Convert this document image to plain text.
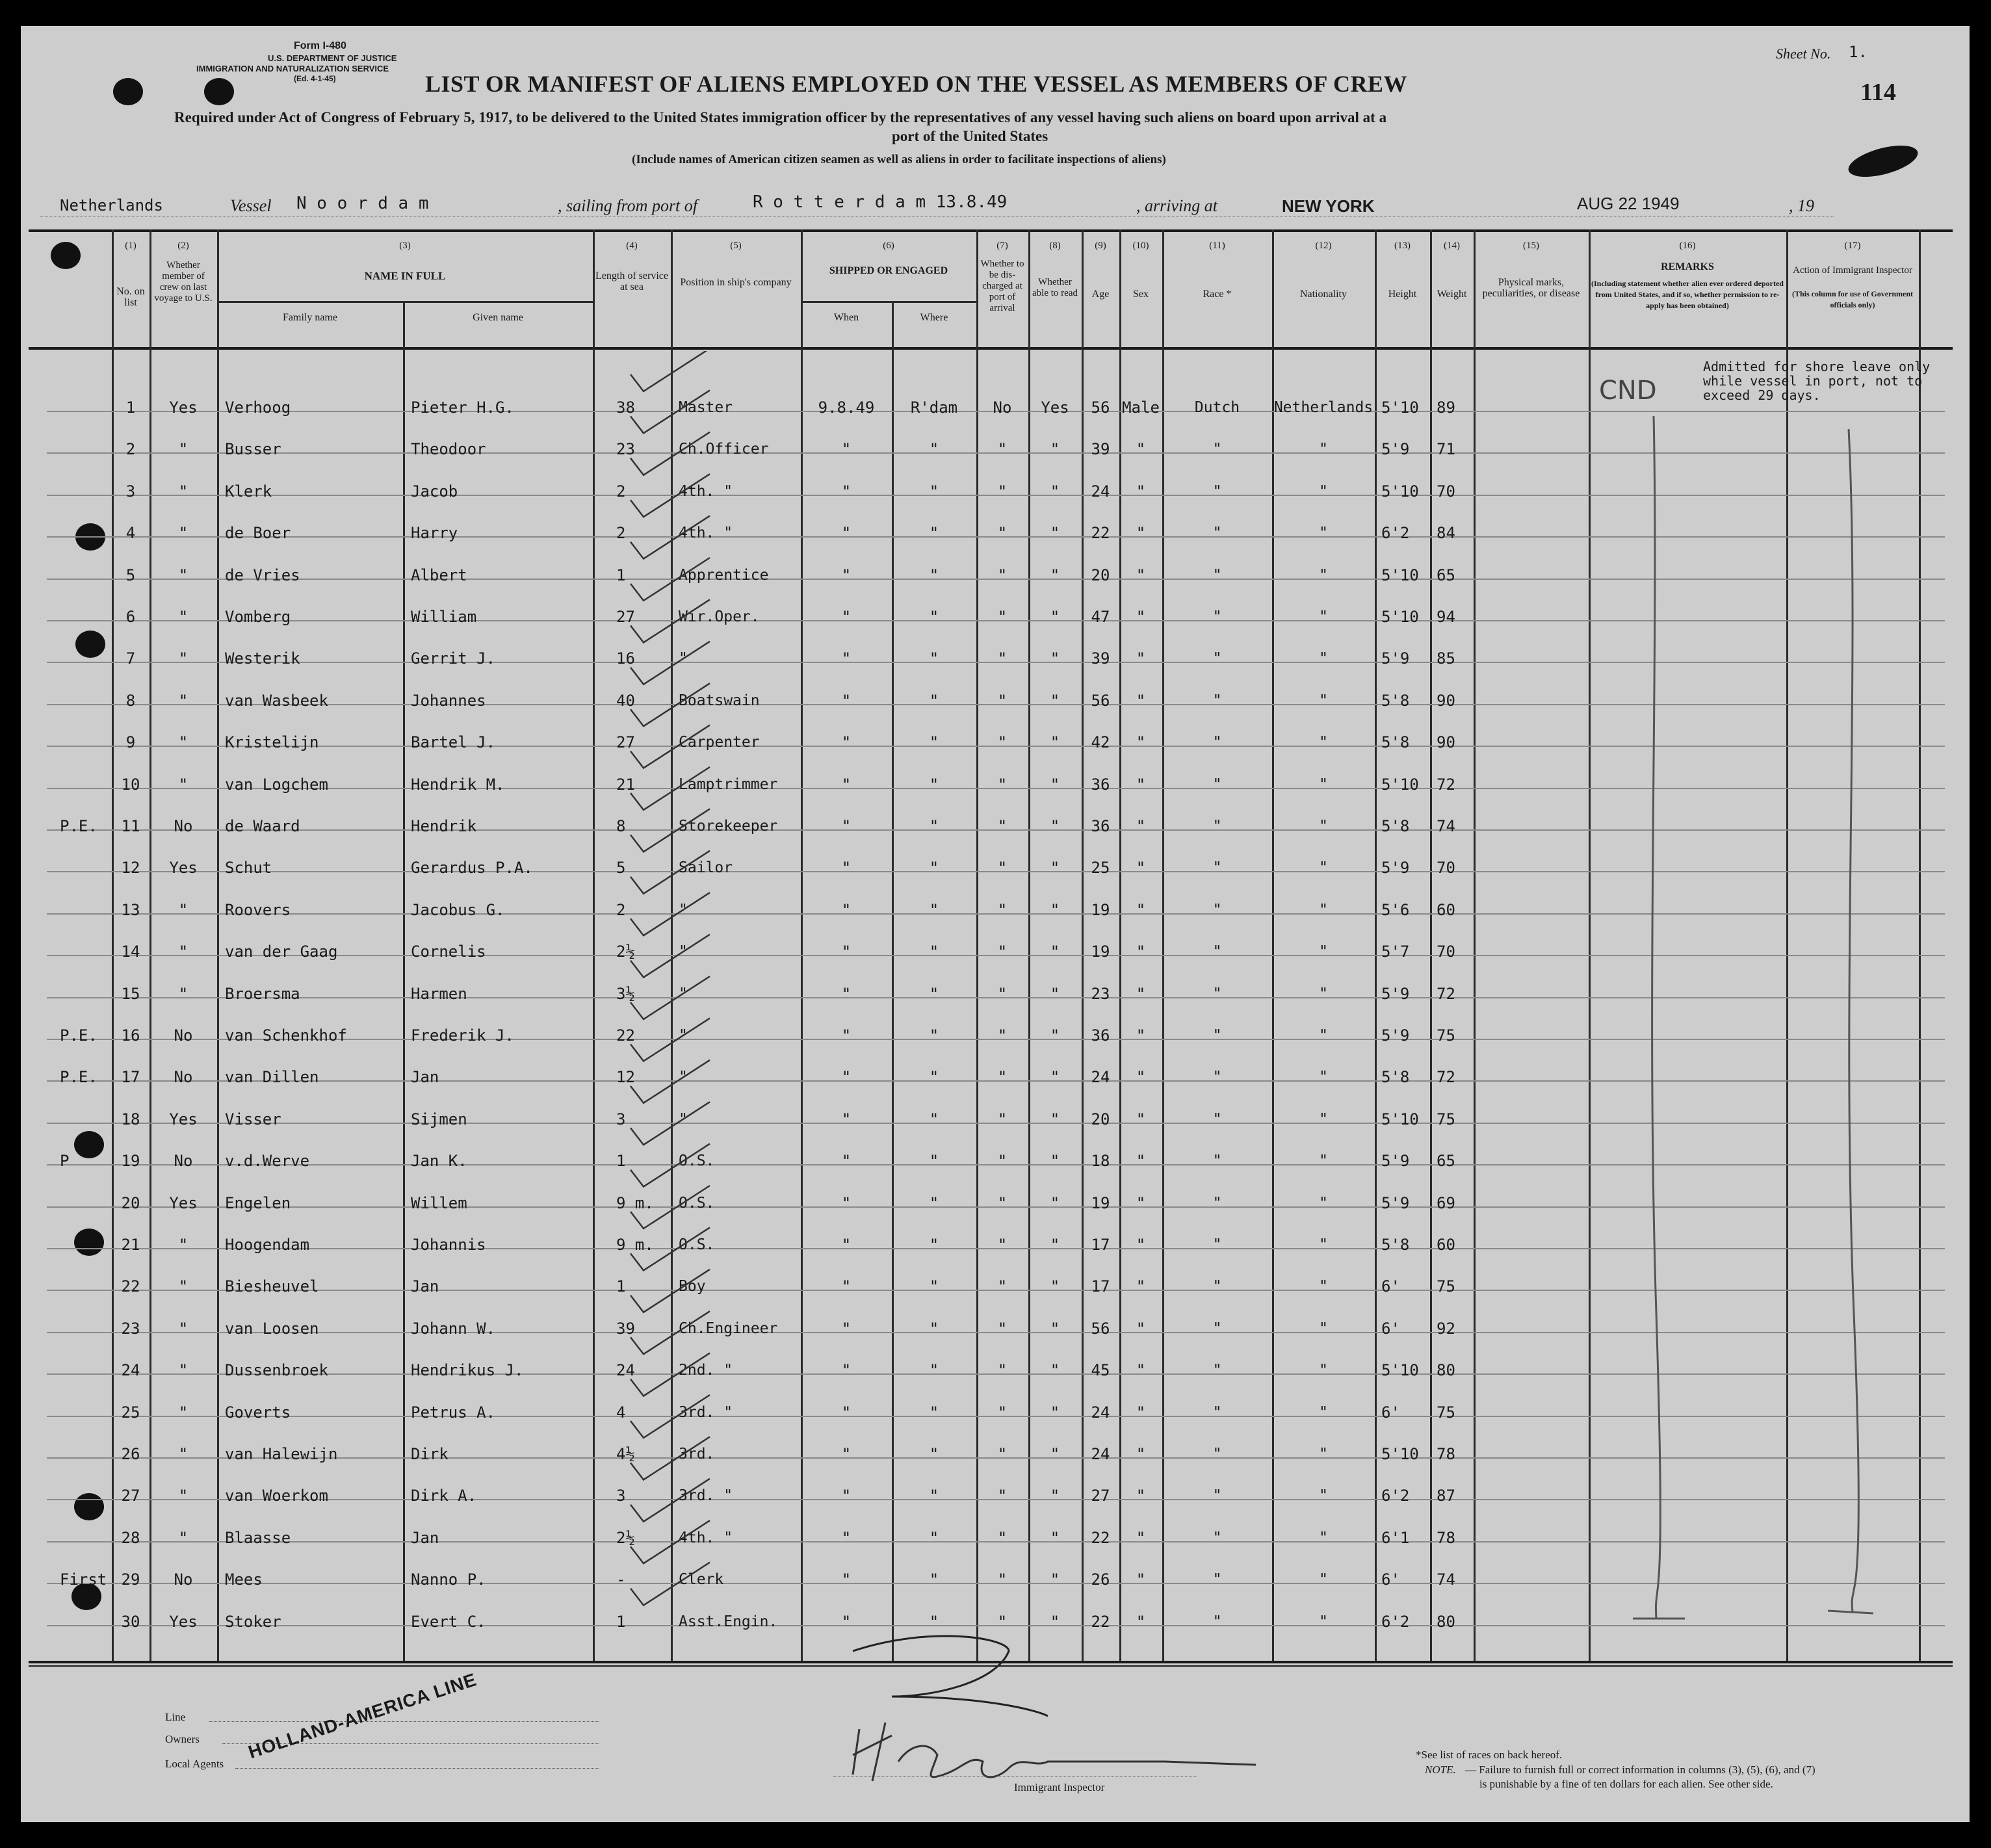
Form I-480
U.S. DEPARTMENT OF JUSTICE
IMMIGRATION AND NATURALIZATION SERVICE
(Ed. 4-1-45)
Sheet No. 1.
114
LIST OR MANIFEST OF ALIENS EMPLOYED ON THE VESSEL AS MEMBERS OF CREW
Required under Act of Congress of February 5, 1917, to be delivered to the United States immigration officer by the representatives of any vessel having such aliens on board upon arrival at a
port of the United States
(Include names of American citizen seamen as well as aliens in order to facilitate inspections of aliens)
Netherlands	Vessel N o o r d a m	, sailing from port of	R o t t e r d a m 13.8.49	, arriving at	NEW YORK	AUG 22 1949	, 19
(1)
No. on list
(2)
Whether member of crew on last voyage to U.S.
(3)
NAME IN FULL
Family name	Given name
(4)
Length of service at sea
(5)
Position in ship's company
(6)
SHIPPED OR ENGAGED
When	Where
(7)
Whether to be dis-charged at port of arrival
(8)
Whether able to read
(9)
Age
(10)
Sex
(11)
Race *
(12)
Nationality
(13)
Height
(14)
Weight
(15)
Physical marks, peculiarities, or disease
(16)
REMARKS
(Including statement whether alien ever ordered deported from United States, and if so, whether permission to re-apply has been obtained)
(17)
Action of Immigrant Inspector
(This column for use of Government officials only)
1	Yes	Verhoog	Pieter H.G.	38	Master	9.8.49	R'dam	No	Yes	56 Male	Dutch	Netherlands 5'10 89
2	"	Busser	Theodoor	23	Ch.Officer	"	"	"	"	39	"	"	"	5'9 71
3	"	Klerk	Jacob	2	4th. "	"	"	"	"	24	"	"	"	5'10 70
4	"	de Boer	Harry	2	4th. "	"	"	"	"	22	"	"	"	6'2 84
5	"	de Vries	Albert	1	Apprentice	"	"	"	"	20	"	"	"	5'10 65
6	"	Vomberg	William	27	Wir.Oper.	"	"	"	"	47	"	"	"	5'10 94
7	"	Westerik	Gerrit J.	16	"	"	"	"	"	39	"	"	"	5'9 85
8	"	van Wasbeek	Johannes	40	Boatswain	"	"	"	"	56	"	"	"	5'8 90
9	"	Kristelijn	Bartel J.	27	Carpenter	"	"	"	"	42	"	"	"	5'8 90
10	"	van Logchem	Hendrik M.	21	Lamptrimmer	"	"	"	"	36	"	"	"	5'10 72
P.E.	11	No	de Waard	Hendrik	8	Storekeeper	"	"	"	"	36	"	"	"	5'8 74
12	Yes	Schut	Gerardus P.A.	5	Sailor	"	"	"	"	25	"	"	"	5'9 70
13	"	Roovers	Jacobus G.	2	"	"	"	"	"	19	"	"	"	5'6 60
14	"	van der Gaag	Cornelis	2½	"	"	"	"	"	19	"	"	"	5'7 70
15	"	Broersma	Harmen	3½	"	"	"	"	"	23	"	"	"	5'9 72
P.E.	16	No	van Schenkhof	Frederik J.	22	"	"	"	"	"	36	"	"	"	5'9 75
P.E.	17	No	van Dillen	Jan	12	"	"	"	"	"	24	"	"	"	5'8 72
18	Yes	Visser	Sijmen	3	"	"	"	"	"	20	"	"	"	5'10 75
P	19	No	v.d.Werve	Jan K.	1	O.S.	"	"	"	"	18	"	"	"	5'9 65
20	Yes	Engelen	Willem	9 m. O.S.	"	"	"	"	19	"	"	"	5'9 69
21	"	Hoogendam	Johannis	9 m. O.S.	"	"	"	"	17	"	"	"	5'8 60
22	"	Biesheuvel	Jan	1	Boy	"	"	"	"	17	"	"	"	6' 75
23	"	van Loosen	Johann W.	39	Ch.Engineer	"	"	"	"	56	"	"	"	6' 92
24	"	Dussenbroek	Hendrikus J.	24	2nd. "	"	"	"	"	45	"	"	"	5'10 80
25	"	Goverts	Petrus A.	4	3rd. "	"	"	"	"	24	"	"	"	6' 75
26	"	van Halewijn	Dirk	4½	3rd.	"	"	"	"	24	"	"	"	5'10 78
27	"	van Woerkom	Dirk A.	3	3rd. "	"	"	"	"	27	"	"	"	6'2 87
28	"	Blaasse	Jan	2½	4th. "	"	"	"	"	22	"	"	"	6'1 78
First 29	No	Mees	Nanno P.	-	Clerk	"	"	"	"	26	"	"	"	6' 74
30	Yes	Stoker	Evert C.	1	Asst.Engin.	"	"	"	"	22	"	"	"	6'2 80
CND
Admitted for shore leave only
while vessel in port, not to
exceed 29 days.
Line
Owners
Local Agents
HOLLAND-AMERICA LINE
H H Engfors
Immigrant Inspector
*See list of races on back hereof.
NOTE. — Failure to furnish full or correct information in columns (3), (5), (6), and (7)
is punishable by a fine of ten dollars for each alien. See other side.
